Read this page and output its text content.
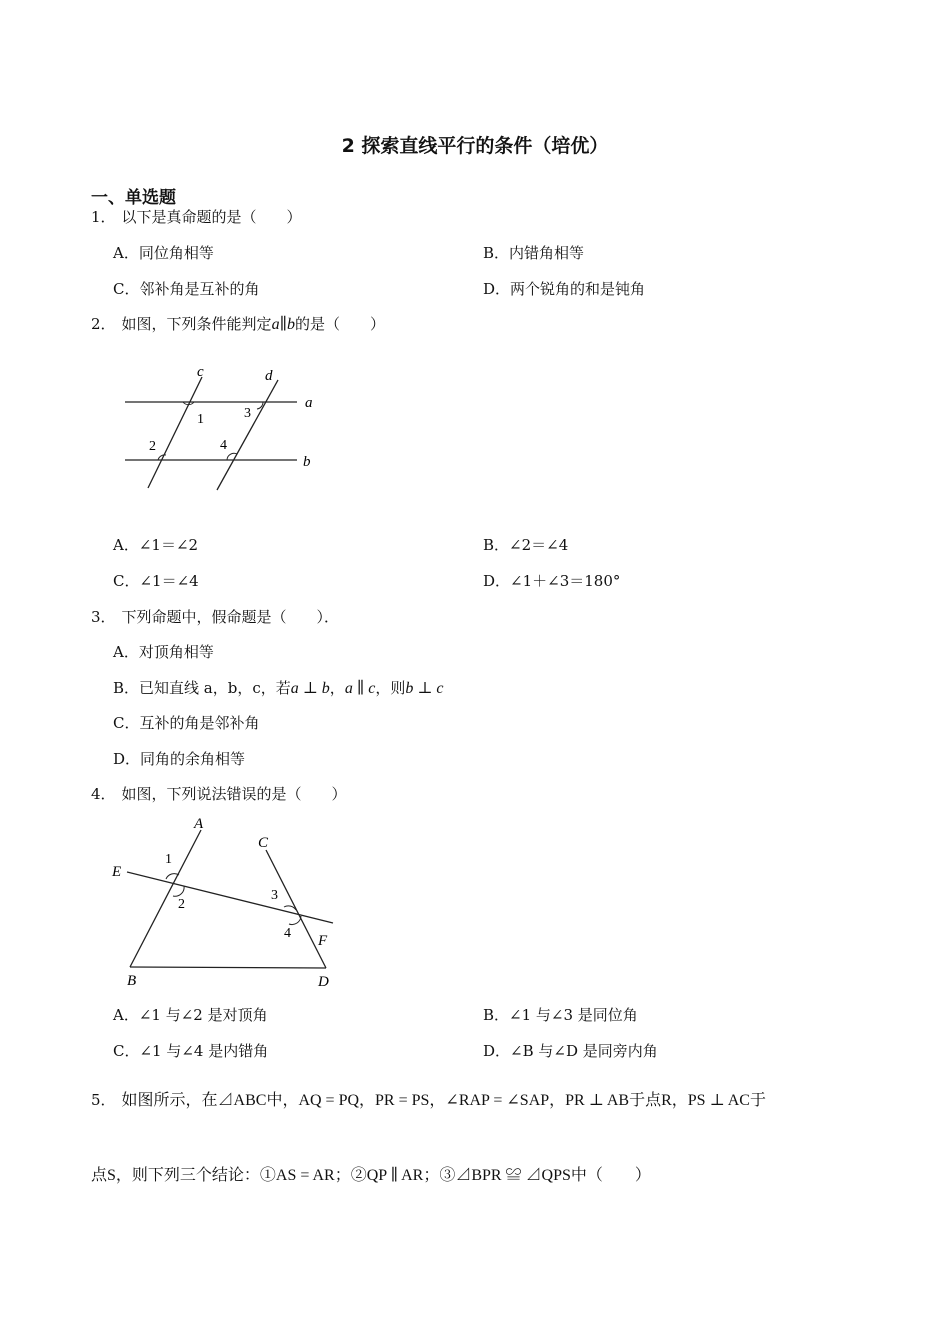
2 探索直线平行的条件（培优）
一、单选题
1． 以下是真命题的是（　　）
A．同位角相等	B．内错角相等
C．邻补角是互补的角	D．两个锐角的和是钝角
2． 如图，下列条件能判定a∥b的是（　　）
c	d
a
b
1
2
3
4
A．∠1＝∠2	B．∠2＝∠4
C．∠1＝∠4	D．∠1＋∠3＝180°
3． 下列命题中，假命题是（　　）．
A．对顶角相等
B．已知直线 a，b，c，若a ⊥ b，a ∥ c，则b ⊥ c
C．互补的角是邻补角
D．同角的余角相等
4． 如图，下列说法错误的是（　　）
A
C
E
F
B	D
1
2
3
4
A．∠1 与∠2 是对顶角	B．∠1 与∠3 是同位角
C．∠1 与∠4 是内错角	D．∠B 与∠D 是同旁内角
5． 如图所示，在⊿ABC中，AQ = PQ，PR = PS，∠RAP = ∠SAP，PR ⊥ AB于点R，PS ⊥ AC于
点S，则下列三个结论：①AS = AR；②QP ∥ AR；③⊿BPR ≌ ⊿QPS中（　　）
